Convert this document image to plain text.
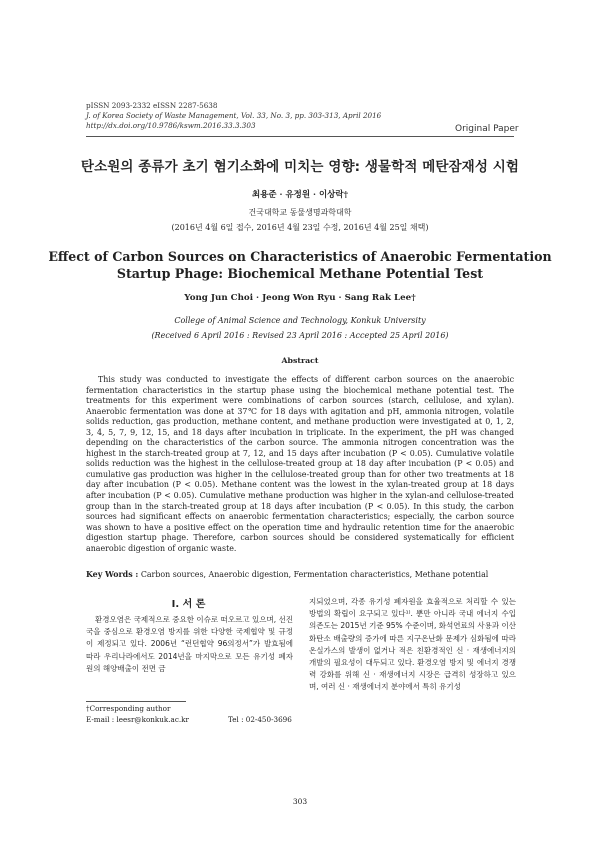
pISSN 2093-2332 eISSN 2287-5638
J. of Korea Society of Waste Management, Vol. 33, No. 3, pp. 303-313, April 2016
http://dx.doi.org/10.9786/kswm.2016.33.3.303	Original Paper
탄소원의 종류가 초기 혐기소화에 미치는 영향: 생물학적 메탄잠재성 시험
최용준 · 유정원 · 이상락†
건국대학교 동물생명과학대학
(2016년 4월 6일 접수, 2016년 4월 23일 수정, 2016년 4월 25일 채택)
Effect of Carbon Sources on Characteristics of Anaerobic Fermentation
Startup Phage: Biochemical Methane Potential Test
Yong Jun Choi · Jeong Won Ryu · Sang Rak Lee†
College of Animal Science and Technology, Konkuk University
(Received 6 April 2016 : Revised 23 April 2016 : Accepted 25 April 2016)
Abstract

This study was conducted to investigate the effects of different carbon sources on the anaerobic fermentation characteristics in the startup phase using the biochemical methane potential test. The treatments for this experiment were combinations of carbon sources (starch, cellulose, and xylan). Anaerobic fermentation was done at 37℃ for 18 days with agitation and pH, ammonia nitrogen, volatile solids reduction, gas production, methane content, and methane production were investigated at 0, 1, 2, 3, 4, 5, 7, 9, 12, 15, and 18 days after incubation in triplicate. In the experiment, the pH was changed depending on the characteristics of the carbon source. The ammonia nitrogen concentration was the highest in the starch-treated group at 7, 12, and 15 days after incubation (P < 0.05). Cumulative volatile solids reduction was the highest in the cellulose-treated group at 18 day after incubation (P < 0.05) and cumulative gas production was higher in the cellulose-treated group than for other two treatments at 18 day after incubation (P < 0.05). Methane content was the lowest in the xylan-treated group at 18 days after incubation (P < 0.05). Cumulative methane production was higher in the xylan-and cellulose-treated group than in the starch-treated group at 18 days after incubation (P < 0.05). In this study, the carbon sources had significant effects on anaerobic fermentation characteristics; especially, the carbon source was shown to have a positive effect on the operation time and hydraulic retention time for the anaerobic digestion startup phage. Therefore, carbon sources should be considered systematically for efficient anaerobic digestion of organic waste.

Key Words : Carbon sources, Anaerobic digestion, Fermentation characteristics, Methane potential
I. 서 론

환경오염은 국제적으로 중요한 이슈로 떠오르고 있으며, 선진국을 중심으로 환경오염 방지를 위한 다양한 국제협약 및 규정이 제정되고 있다. 2006년 “런던협약 96의정서”가 발효됨에 따라 우리나라에서도 2014년을 마지막으로 모든 유기성 폐자원의 해양배출이 전면 금

지되었으며, 각종 유기성 폐자원을 효율적으로 처리할 수 있는 방법의 확립이 요구되고 있다¹⁾. 뿐만 아니라 국내 에너지 수입의존도는 2015년 기준 95% 수준이며, 화석연료의 사용과 이산화탄소 배출량의 증가에 따른 지구온난화 문제가 심화됨에 따라 온실가스의 발생이 없거나 적은 친환경적인 신 · 재생에너지의 개발의 필요성이 대두되고 있다. 환경오염 방지 및 에너지 경쟁력 강화를 위해 신 · 재생에너지 시장은 급격히 성장하고 있으며, 여러 신 · 재생에너지 분야에서 특히 유기성

†Corresponding author
E-mail : leesr@konkuk.ac.kr	Tel : 02-450-3696
303
